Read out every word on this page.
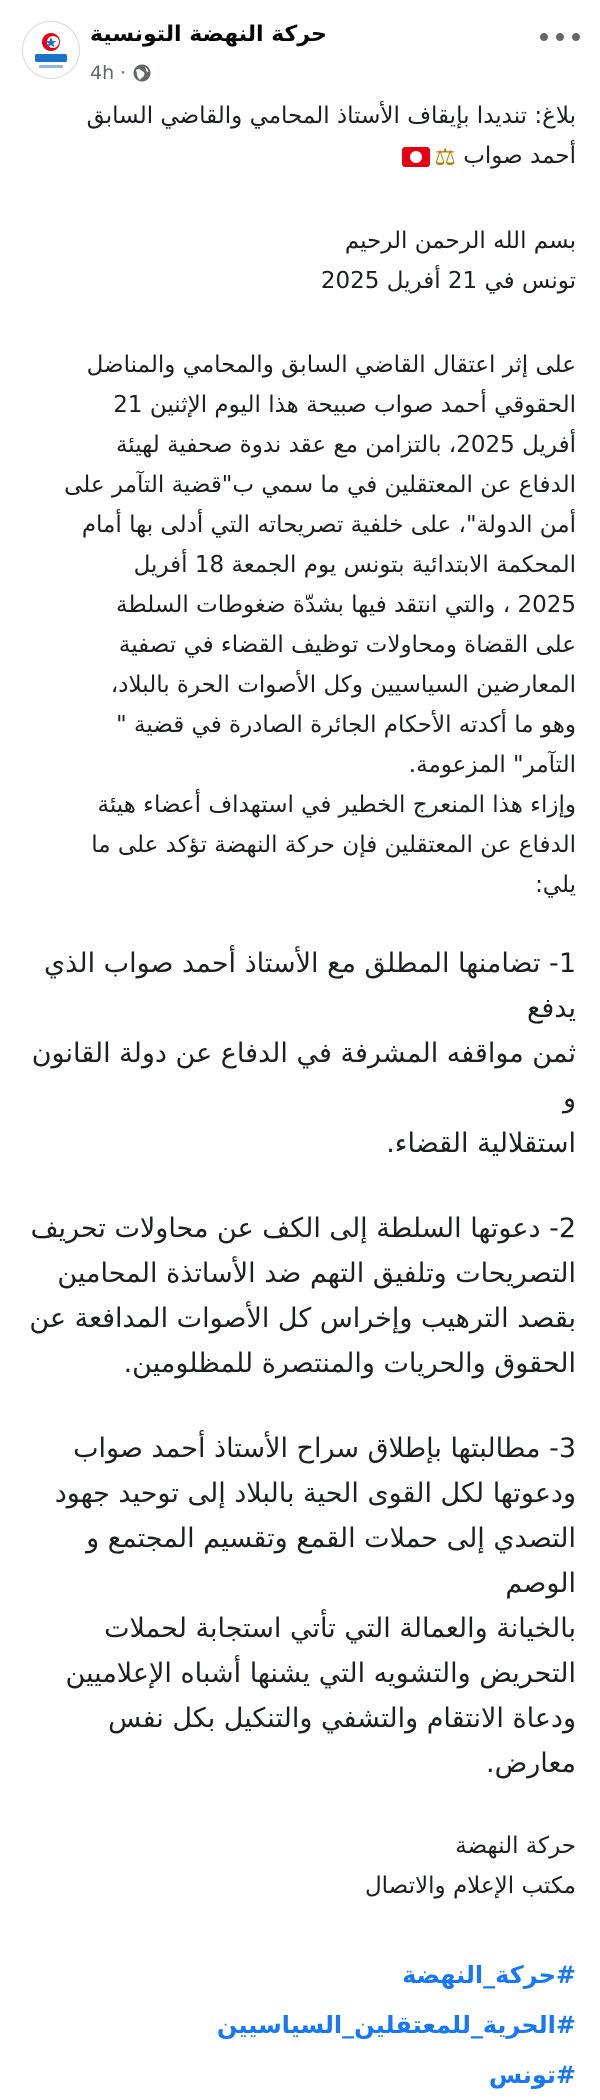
حركة النهضة التونسية
4h ·

بلاغ: تنديدا بإيقاف الأستاذ المحامي والقاضي السابق

أحمد صواب ⚖

بسم الله الرحمن الرحيم

تونس في 21 أفريل 2025

على إثر اعتقال القاضي السابق والمحامي والمناضل

الحقوقي أحمد صواب صبيحة هذا اليوم الإثنين 21

أفريل 2025، بالتزامن مع عقد ندوة صحفية لهيئة

الدفاع عن المعتقلين في ما سمي ب"قضية التآمر على

أمن الدولة"، على خلفية تصريحاته التي أدلى بها أمام

المحكمة الابتدائية بتونس يوم الجمعة 18 أفريل

2025 ، والتي انتقد فيها بشدّة ضغوطات السلطة

على القضاة ومحاولات توظيف القضاء في تصفية

المعارضين السياسيين وكل الأصوات الحرة بالبلاد،

وهو ما أكدته الأحكام الجائرة الصادرة في قضية "

التآمر" المزعومة.

وإزاء هذا المنعرج الخطير في استهداف أعضاء هيئة

الدفاع عن المعتقلين فإن حركة النهضة تؤكد على ما

يلي:

1- تضامنها المطلق مع الأستاذ أحمد صواب الذي يدفع

ثمن مواقفه المشرفة في الدفاع عن دولة القانون و

استقلالية القضاء.

2- دعوتها السلطة إلى الكف عن محاولات تحريف

التصريحات وتلفيق التهم ضد الأساتذة المحامين

بقصد الترهيب وإخراس كل الأصوات المدافعة عن

الحقوق والحريات والمنتصرة للمظلومين.

3- مطالبتها بإطلاق سراح الأستاذ أحمد صواب

ودعوتها لكل القوى الحية بالبلاد إلى توحيد جهود

التصدي إلى حملات القمع وتقسيم المجتمع و الوصم

بالخيانة والعمالة التي تأتي استجابة لحملات

التحريض والتشويه التي يشنها أشباه الإعلاميين

ودعاة الانتقام والتشفي والتنكيل بكل نفس معارض.

حركة النهضة

مكتب الإعلام والاتصال

#حركة_النهضة
#الحرية_للمعتقلين_السياسيين
#تونس
